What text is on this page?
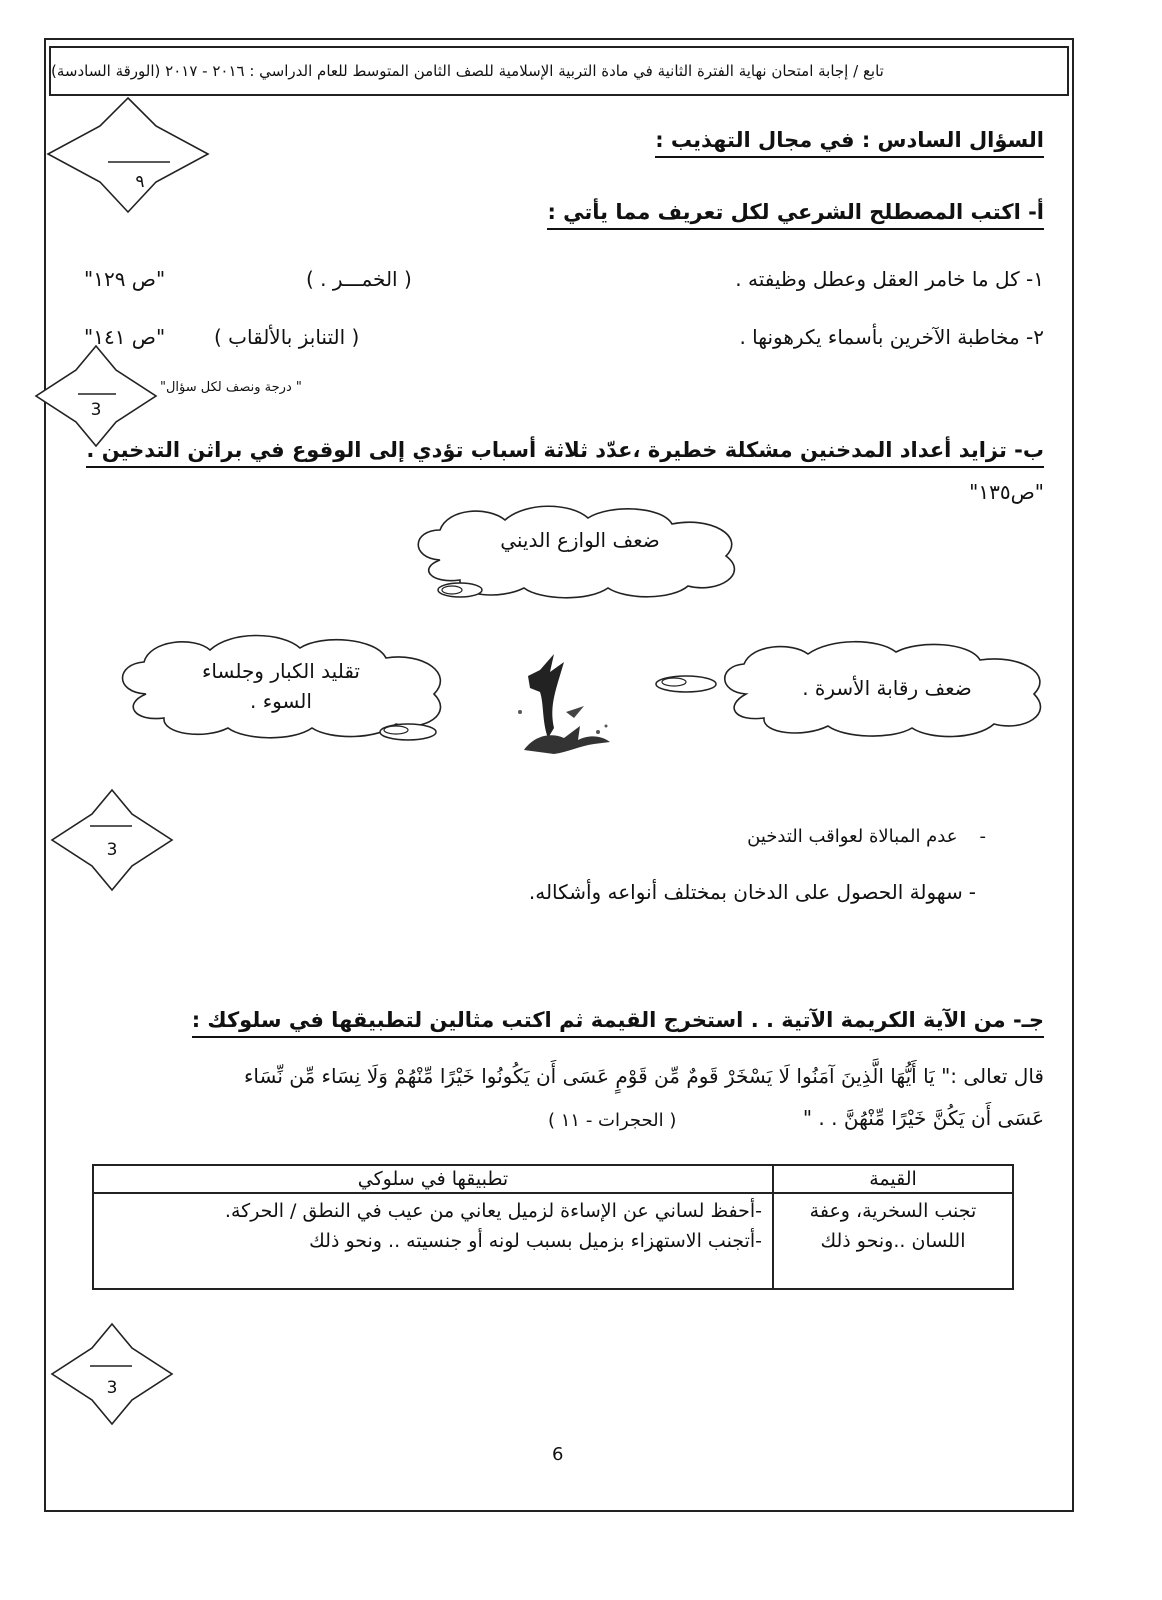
تابع / إجابة امتحان نهاية الفترة الثانية في مادة التربية الإسلامية للصف الثامن المتوسط للعام الدراسي : ٢٠١٦ - ٢٠١٧ (الورقة السادسة)
٩
السؤال السادس : في مجال التهذيب :
أ- اكتب المصطلح الشرعي لكل تعريف مما يأتي :
١- كل ما خامر العقل وعطل وظيفته .
( الخمـــر . )
"ص ١٢٩"
٢- مخاطبة الآخرين بأسماء يكرهونها .
( التنابز بالألقاب )
"ص ١٤١"
3
" درجة ونصف لكل سؤال"
ب- تزايد أعداد المدخنين مشكلة خطيرة ،عدّد ثلاثة أسباب تؤدي إلى الوقوع في براثن التدخين .
"ص١٣٥"
ضعف الوازع الديني
تقليد الكبار وجلساء السوء .
ضعف رقابة الأسرة .
3
-عدم المبالاة لعواقب التدخين
-سهولة الحصول على الدخان بمختلف أنواعه وأشكاله.
جـ- من الآية الكريمة الآتية . . استخرج القيمة ثم اكتب مثالين لتطبيقها في سلوكك :
قال تعالى :" يَا أَيُّهَا الَّذِينَ آمَنُوا لَا يَسْخَرْ قَومٌ مِّن قَوْمٍ عَسَى أَن يَكُونُوا خَيْرًا مِّنْهُمْ وَلَا نِسَاء مِّن نِّسَاء
عَسَى أَن يَكُنَّ خَيْرًا مِّنْهُنَّ . . "
( الحجرات - ١١ )
القيمة	تطبيقها في سلوكي
تجنب السخرية، وعفة اللسان ..ونحو ذلك	-أحفظ لساني عن الإساءة لزميل يعاني من عيب في النطق / الحركة.
-أتجنب الاستهزاء بزميل بسبب لونه أو جنسيته .. ونحو ذلك
3
6
